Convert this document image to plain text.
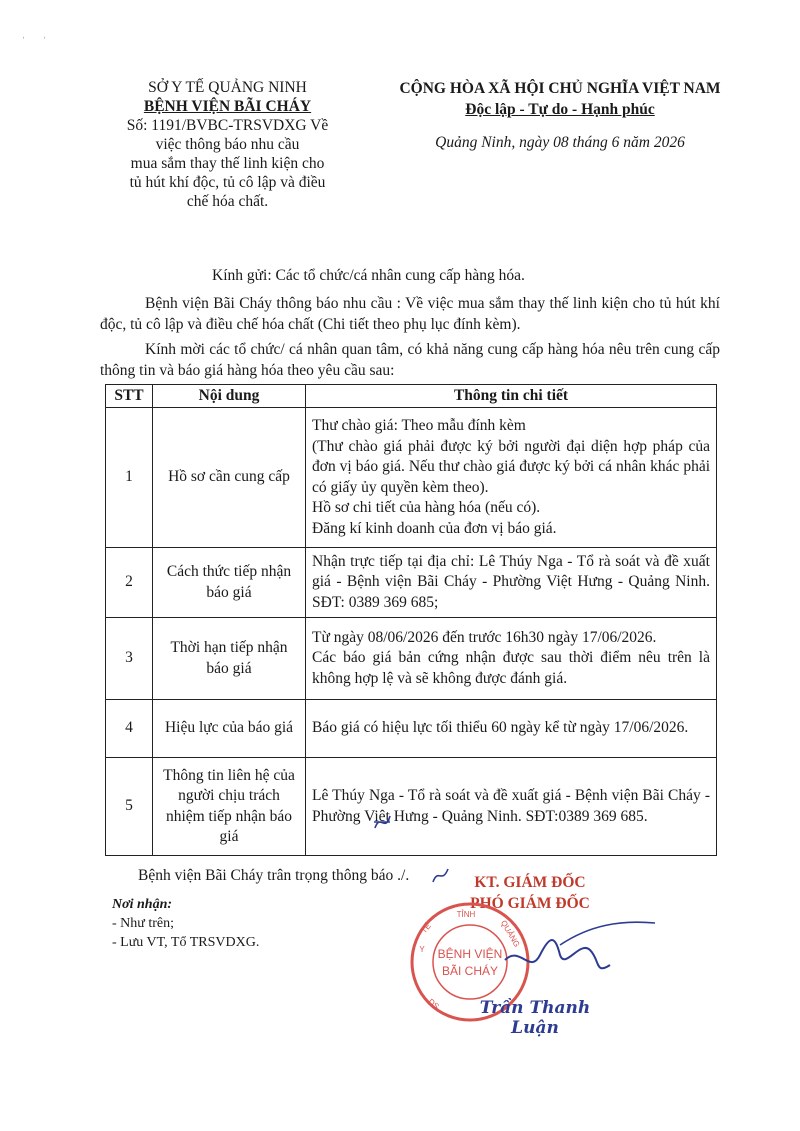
ˌ       ˌ
SỞ Y TẾ QUẢNG NINH
BỆNH VIỆN BÃI CHÁY
Số: 1191/BVBC-TRSVDXG Về
việc thông báo nhu cầu
mua sắm thay thế linh kiện cho
tủ hút khí độc, tủ cô lập và điều
chế hóa chất.
CỘNG HÒA XÃ HỘI CHỦ NGHĨA VIỆT NAM
Độc lập - Tự do - Hạnh phúc
Quảng Ninh, ngày 08 tháng 6 năm 2026
Kính gửi: Các tổ chức/cá nhân cung cấp hàng hóa.
Bệnh viện Bãi Cháy thông báo nhu cầu : Về việc mua sắm thay thế linh kiện cho tủ hút khí độc, tủ cô lập và điều chế hóa chất (Chi tiết theo phụ lục đính kèm).
Kính mời các tổ chức/ cá nhân quan tâm, có khả năng cung cấp hàng hóa nêu trên cung cấp thông tin và báo giá hàng hóa theo yêu cầu sau:
STT	Nội dung	Thông tin chi tiết
1	Hồ sơ cần cung cấp	Thư chào giá: Theo mẫu đính kèm

(Thư chào giá phải được ký bởi người đại diện hợp pháp của đơn vị báo giá. Nếu thư chào giá được ký bởi cá nhân khác phải có giấy ủy quyền kèm theo).

Hồ sơ chi tiết của hàng hóa (nếu có).

Đăng kí kinh doanh của đơn vị báo giá.

2	Cách thức tiếp nhận báo giá	Nhận trực tiếp tại địa chỉ: Lê Thúy Nga - Tổ rà soát và đề xuất giá - Bệnh viện Bãi Cháy - Phường Việt Hưng - Quảng Ninh. SĐT: 0389 369 685;

3	Thời hạn tiếp nhận báo giá	Từ ngày 08/06/2026 đến trước 16h30 ngày 17/06/2026.

Các báo giá bản cứng nhận được sau thời điểm nêu trên là không hợp lệ và sẽ không được đánh giá.

4	Hiệu lực của báo giá	Báo giá có hiệu lực tối thiểu 60 ngày kể từ ngày 17/06/2026.

5	Thông tin liên hệ của người chịu trách nhiệm tiếp nhận báo giá	Lê Thúy Nga - Tổ rà soát và đề xuất giá - Bệnh viện Bãi Cháy - Phường Việt Hưng - Quảng Ninh. SĐT:0389 369 685.

Bệnh viện Bãi Cháy trân trọng thông báo ./.
Nơi nhận:
- Như trên;
- Lưu VT, Tổ TRSVDXG.
KT. GIÁM ĐỐC
PHÓ GIÁM ĐỐC
BỆNH VIỆN
BÃI CHÁY
TỈNH
QUẢNG
Y
TẾ
DS	Trần Thanh Luận
